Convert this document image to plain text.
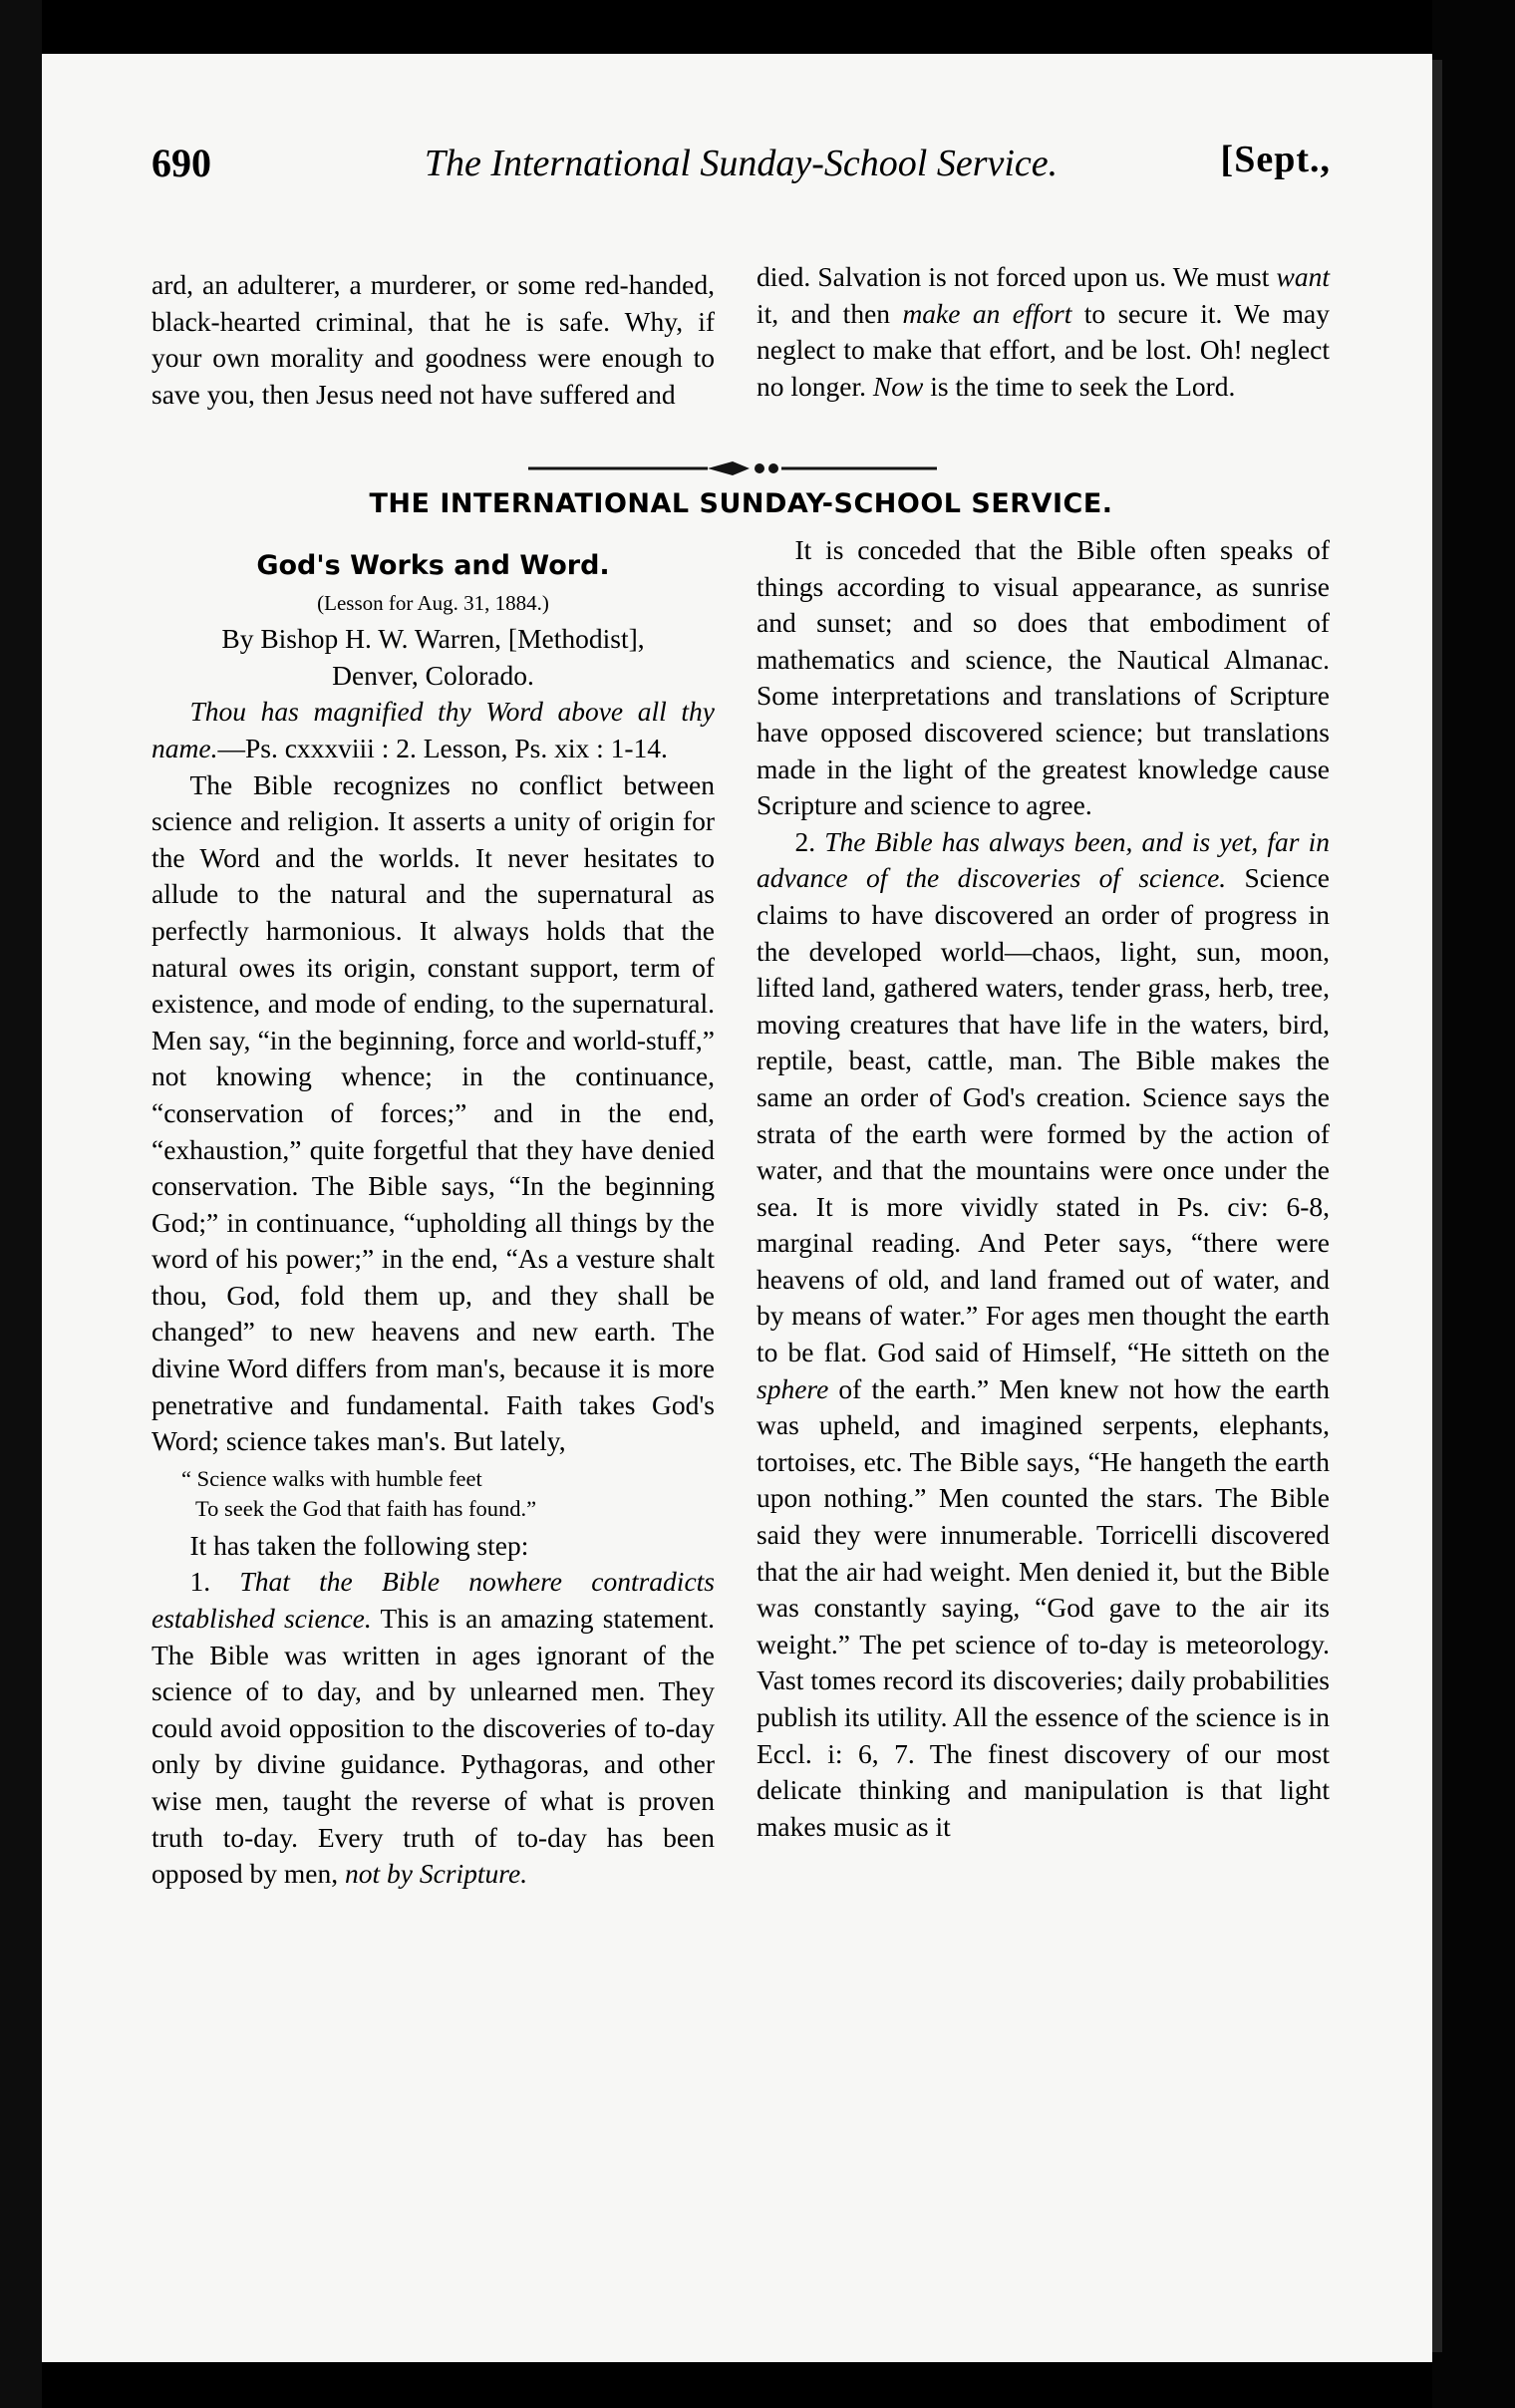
690	The International Sunday-School Service.	[Sept.,

ard, an adulterer, a murderer, or some red-handed, black-hearted criminal, that he is safe. Why, if your own morality and goodness were enough to save you, then Jesus need not have suffered and

died. Salvation is not forced upon us. We must want it, and then make an effort to secure it. We may neglect to make that effort, and be lost. Oh! neglect no longer. Now is the time to seek the Lord.

THE INTERNATIONAL SUNDAY-SCHOOL SERVICE.

God's Works and Word.

(Lesson for Aug. 31, 1884.)

By Bishop H. W. Warren, [Methodist],

Denver, Colorado.

Thou has magnified thy Word above all thy name.—Ps. cxxxviii : 2. Lesson, Ps. xix : 1-14.

The Bible recognizes no conflict between science and religion. It asserts a unity of origin for the Word and the worlds. It never hesitates to allude to the natural and the supernatural as perfectly harmonious. It always holds that the natural owes its origin, constant support, term of existence, and mode of ending, to the supernatural. Men say, “in the beginning, force and world-stuff,” not knowing whence; in the continuance, “conservation of forces;” and in the end, “exhaustion,” quite forgetful that they have denied conservation. The Bible says, “In the beginning God;” in continuance, “upholding all things by the word of his power;” in the end, “As a vesture shalt thou, God, fold them up, and they shall be changed” to new heavens and new earth. The divine Word differs from man's, because it is more penetrative and fundamental. Faith takes God's Word; science takes man's. But lately,

“ Science walks with humble feet
To seek the God that faith has found.”

It has taken the following step:

1. That the Bible nowhere contradicts established science. This is an amazing statement. The Bible was written in ages ignorant of the science of to day, and by unlearned men. They could avoid opposition to the discoveries of to-day only by divine guidance. Pythagoras, and other wise men, taught the reverse of what is proven truth to-day. Every truth of to-day has been opposed by men, not by Scripture.

It is conceded that the Bible often speaks of things according to visual appearance, as sunrise and sunset; and so does that embodiment of mathematics and science, the Nautical Almanac. Some interpretations and translations of Scripture have opposed discovered science; but translations made in the light of the greatest knowledge cause Scripture and science to agree.

2. The Bible has always been, and is yet, far in advance of the discoveries of science. Science claims to have discovered an order of progress in the developed world—chaos, light, sun, moon, lifted land, gathered waters, tender grass, herb, tree, moving creatures that have life in the waters, bird, reptile, beast, cattle, man. The Bible makes the same an order of God's creation. Science says the strata of the earth were formed by the action of water, and that the mountains were once under the sea. It is more vividly stated in Ps. civ: 6-8, marginal reading. And Peter says, “there were heavens of old, and land framed out of water, and by means of water.” For ages men thought the earth to be flat. God said of Himself, “He sitteth on the sphere of the earth.” Men knew not how the earth was upheld, and imagined serpents, elephants, tortoises, etc. The Bible says, “He hangeth the earth upon nothing.” Men counted the stars. The Bible said they were innumerable. Torricelli discovered that the air had weight. Men denied it, but the Bible was constantly saying, “God gave to the air its weight.” The pet science of to-day is meteorology. Vast tomes record its discoveries; daily probabilities publish its utility. All the essence of the science is in Eccl. i: 6, 7. The finest discovery of our most delicate thinking and manipulation is that light makes music as it
